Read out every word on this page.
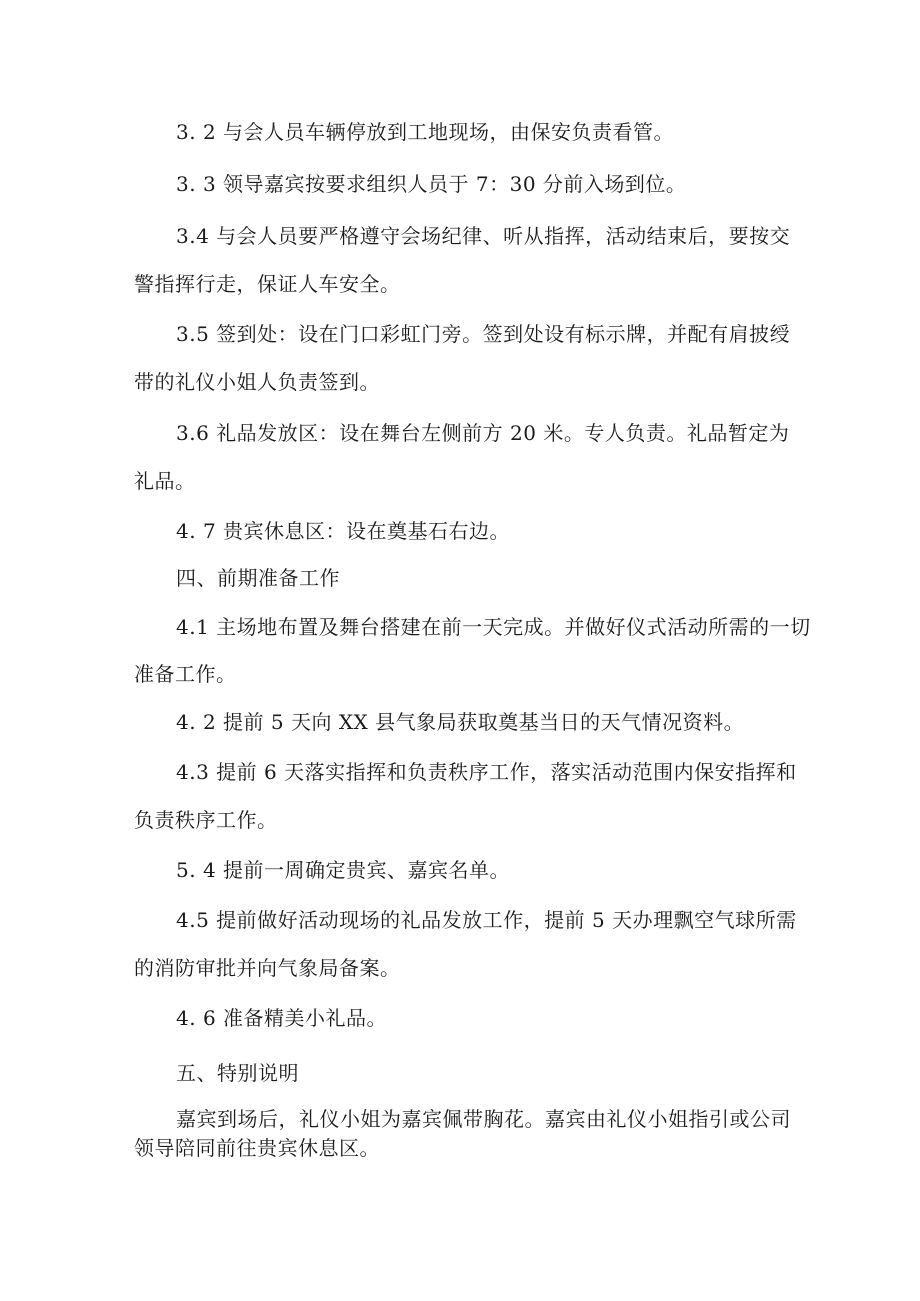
3. 2 与会人员车辆停放到工地现场，由保安负责看管。
3. 3 领导嘉宾按要求组织人员于 7：30 分前入场到位。
3.4 与会人员要严格遵守会场纪律、听从指挥，活动结束后，要按交
警指挥行走，保证人车安全。
3.5 签到处：设在门口彩虹门旁。签到处设有标示牌，并配有肩披绶
带的礼仪小姐人负责签到。
3.6 礼品发放区：设在舞台左侧前方 20 米。专人负责。礼品暂定为
礼品。
4. 7 贵宾休息区：设在奠基石右边。
四、前期准备工作
4.1 主场地布置及舞台搭建在前一天完成。并做好仪式活动所需的一切
准备工作。
4. 2 提前 5 天向 XX 县气象局获取奠基当日的天气情况资料。
4.3 提前 6 天落实指挥和负责秩序工作，落实活动范围内保安指挥和
负责秩序工作。
5. 4 提前一周确定贵宾、嘉宾名单。
4.5 提前做好活动现场的礼品发放工作，提前 5 天办理飘空气球所需
的消防审批并向气象局备案。
4. 6 准备精美小礼品。
五、特别说明
嘉宾到场后，礼仪小姐为嘉宾佩带胸花。嘉宾由礼仪小姐指引或公司
领导陪同前往贵宾休息区。
